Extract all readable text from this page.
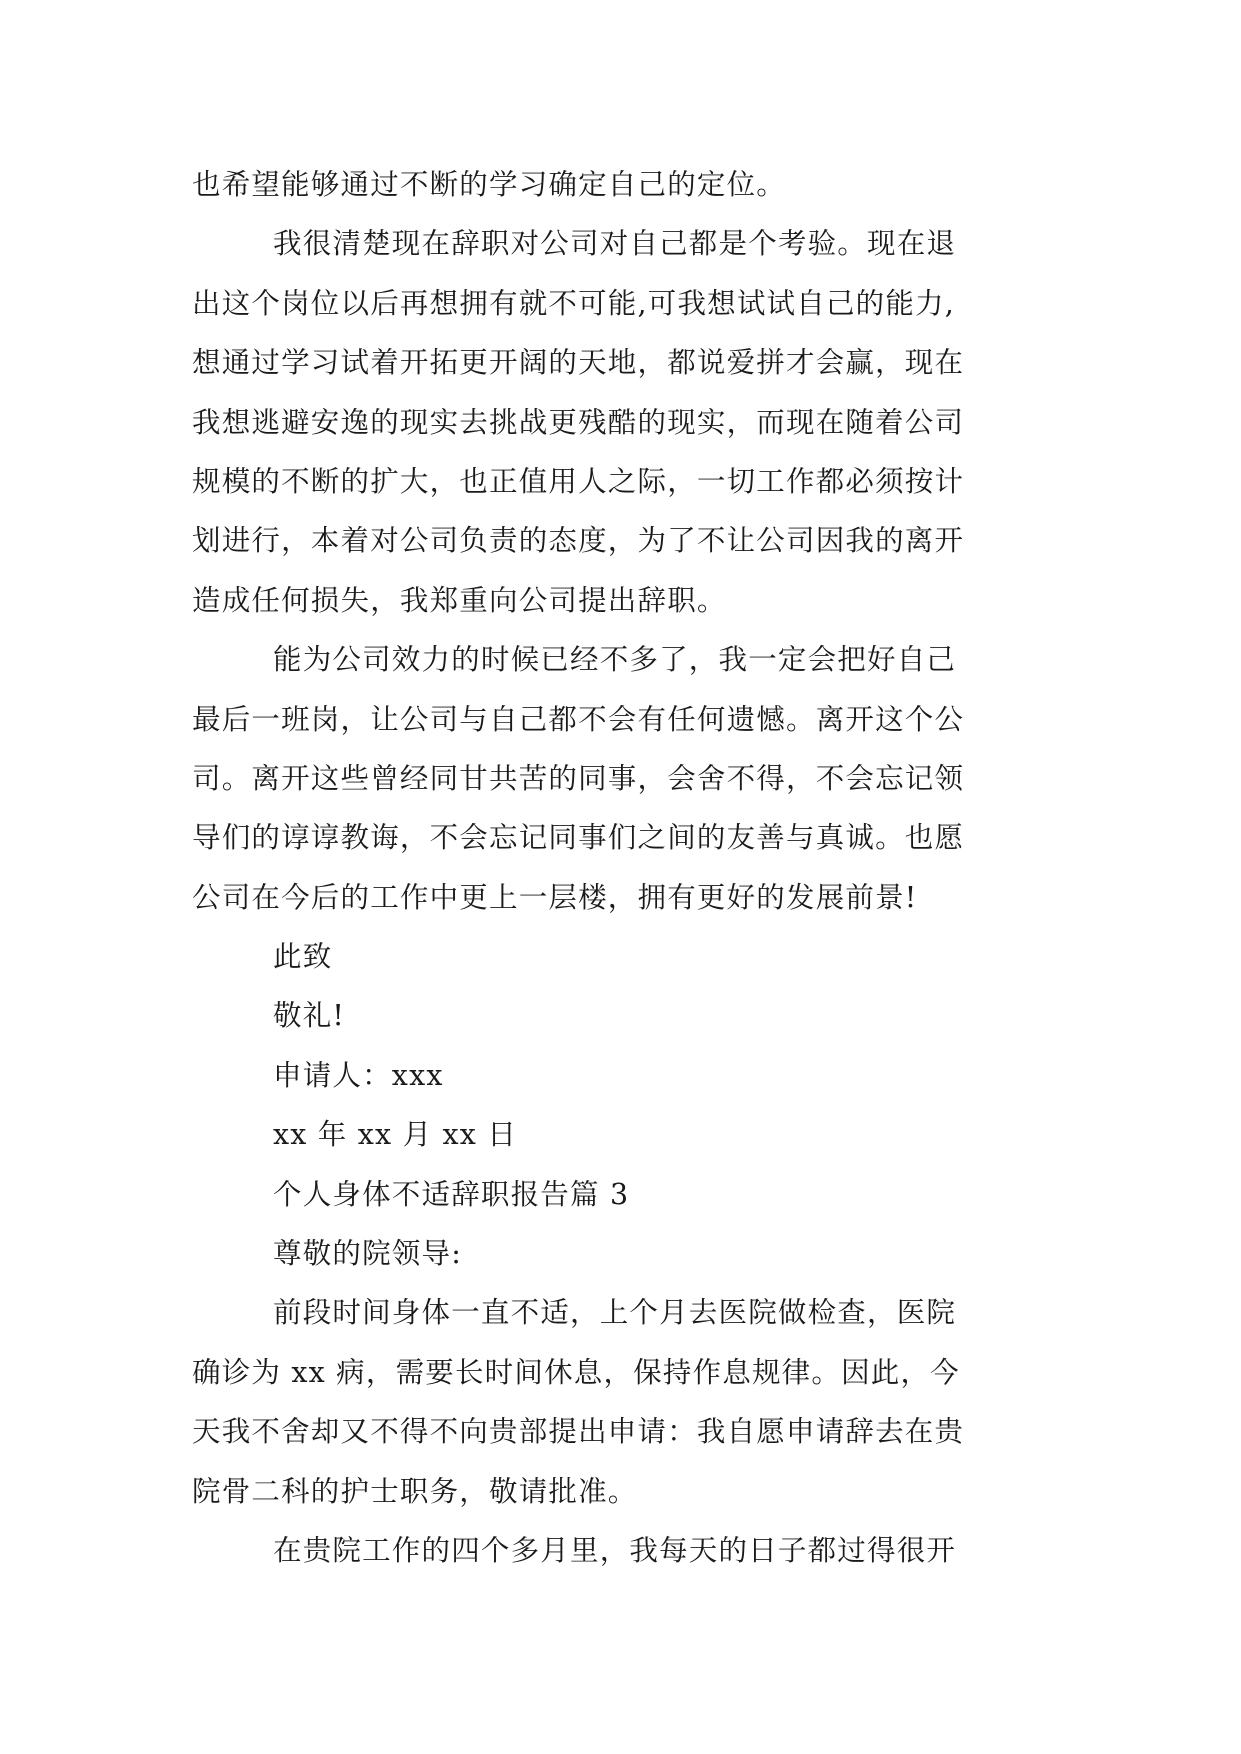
也希望能够通过不断的学习确定自己的定位。
我很清楚现在辞职对公司对自己都是个考验。现在退
出这个岗位以后再想拥有就不可能,可我想试试自己的能力,
想通过学习试着开拓更开阔的天地，都说爱拼才会赢，现在
我想逃避安逸的现实去挑战更残酷的现实，而现在随着公司
规模的不断的扩大，也正值用人之际，一切工作都必须按计
划进行，本着对公司负责的态度，为了不让公司因我的离开
造成任何损失，我郑重向公司提出辞职。
能为公司效力的时候已经不多了，我一定会把好自己
最后一班岗，让公司与自己都不会有任何遗憾。离开这个公
司。离开这些曾经同甘共苦的同事，会舍不得，不会忘记领
导们的谆谆教诲，不会忘记同事们之间的友善与真诚。也愿
公司在今后的工作中更上一层楼，拥有更好的发展前景!
此致
敬礼!
申请人：xxx
xx 年 xx 月 xx 日
个人身体不适辞职报告篇 3
尊敬的院领导:
前段时间身体一直不适，上个月去医院做检查，医院
确诊为 xx 病，需要长时间休息，保持作息规律。因此，今
天我不舍却又不得不向贵部提出申请：我自愿申请辞去在贵
院骨二科的护士职务，敬请批准。
在贵院工作的四个多月里，我每天的日子都过得很开
